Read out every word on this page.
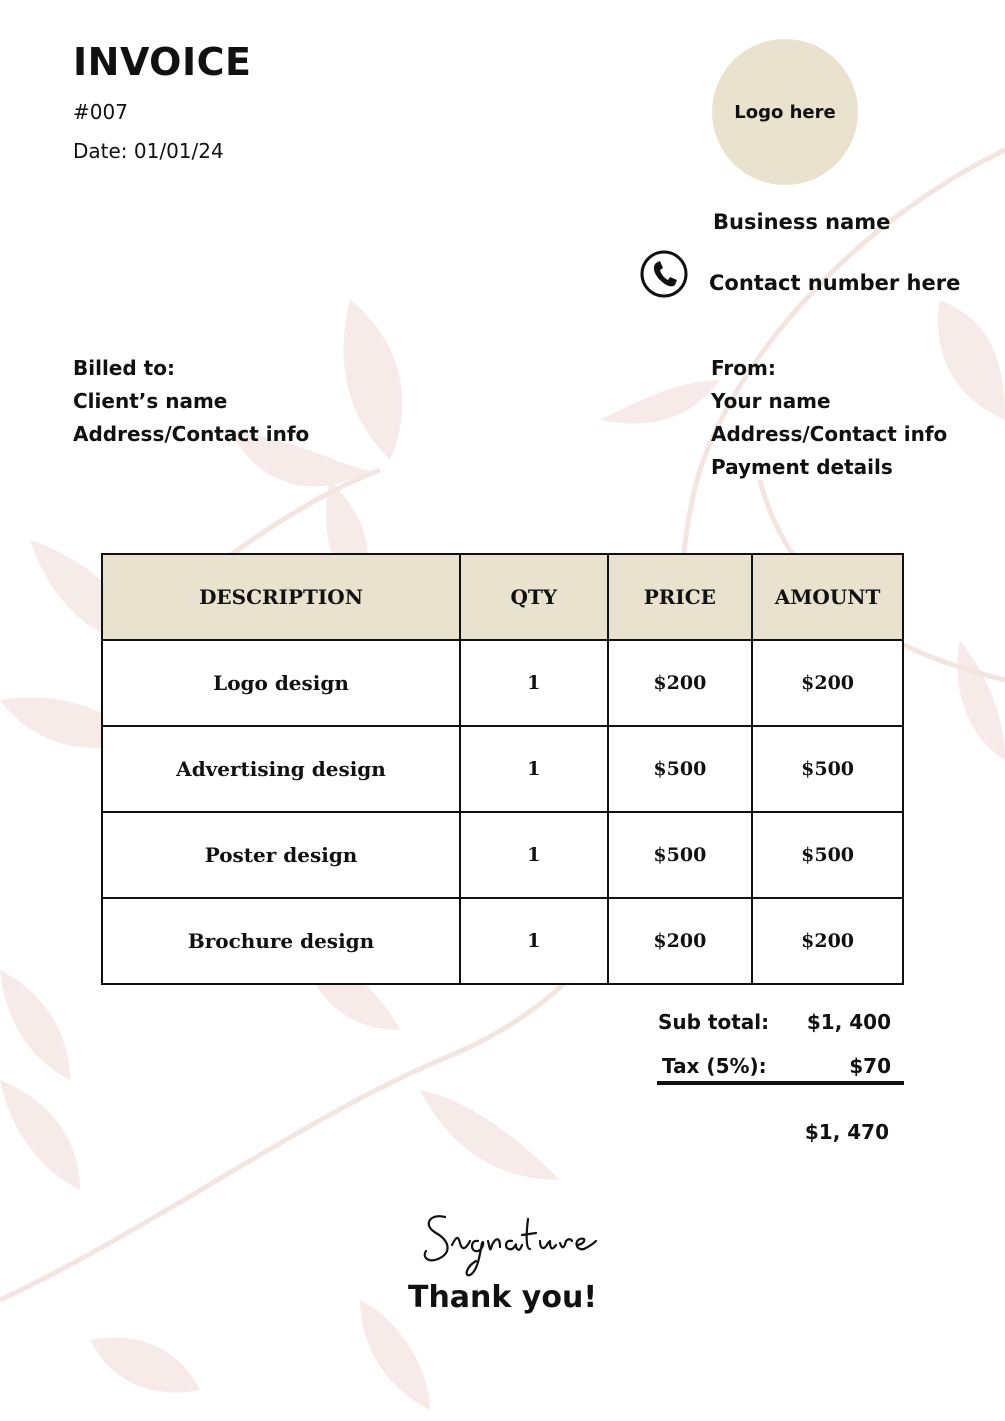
INVOICE
#007
Date: 01/01/24
Logo here
Business name
Contact number here
Billed to:
Client’s name
Address/Contact info
From:
Your name
Address/Contact info
Payment details
DESCRIPTION	QTY	PRICE	AMOUNT
Logo design	1	$200	$200
Advertising design	1	$500	$500
Poster design	1	$500	$500
Brochure design	1	$200	$200
Sub total: $1, 400
Tax (5%):	$70
$1, 470
Thank you!
